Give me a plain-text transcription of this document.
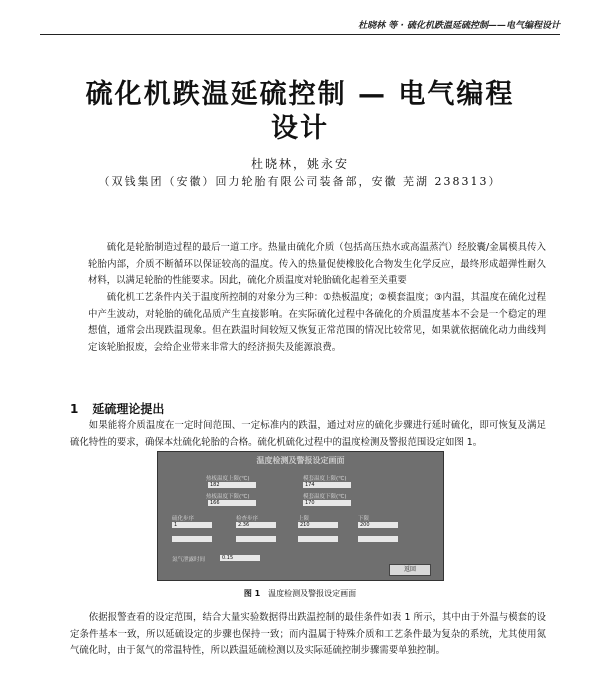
杜晓林 等 · 硫化机跌温延硫控制——电气编程设计
硫化机跌温延硫控制 — 电气编程
设计
杜晓林，姚永安
（双钱集团（安徽）回力轮胎有限公司装备部，安徽 芜湖 238313）
硫化是轮胎制造过程的最后一道工序。热量由硫化介质（包括高压热水或高温蒸汽）经胶囊/金属模具传入轮胎内部，介质不断循环以保证较高的温度。传入的热量促使橡胶化合物发生化学反应，最终形成超弹性耐久材料，以满足轮胎的性能要求。因此，硫化介质温度对轮胎硫化起着至关重要
硫化机工艺条件内关于温度所控制的对象分为三种：①热板温度；②模套温度；③内温，其温度在硫化过程中产生波动，对轮胎的硫化品质产生直接影响。在实际硫化过程中各硫化的介质温度基本不会是一个稳定的理想值，通常会出现跌温现象。但在跌温时间较短又恢复正常范围的情况比较常见，如果就依据硫化动力曲线判定该轮胎报废，会给企业带来非常大的经济损失及能源浪费。
1 延硫理论提出
如果能将介质温度在一定时间范围、一定标准内的跌温，通过对应的硫化步骤进行延时硫化，即可恢复及满足硫化特性的要求，确保本灶硫化轮胎的合格。硫化机硫化过程中的温度检测及警报范围设定如图 1。
温度检测及警报设定画面
热板温度上限(℃)
182
模套温度上限(℃)
174
热板温度下限(℃)
166
模套温度下限(℃)
170
硫化步序
1
检查步序
2.36
上限
210
下限
200
氮气泄露时间	0.15
返回
图 1 温度检测及警报设定画面
依据报警查看的设定范围，结合大量实验数据得出跌温控制的最佳条件如表 1 所示，其中由于外温与模套的设定条件基本一致，所以延硫设定的步骤也保持一致；而内温属于特殊介质和工艺条件最为复杂的系统，尤其使用氮气硫化时，由于氮气的常温特性，所以跌温延硫检测以及实际延硫控制步骤需要单独控制。
